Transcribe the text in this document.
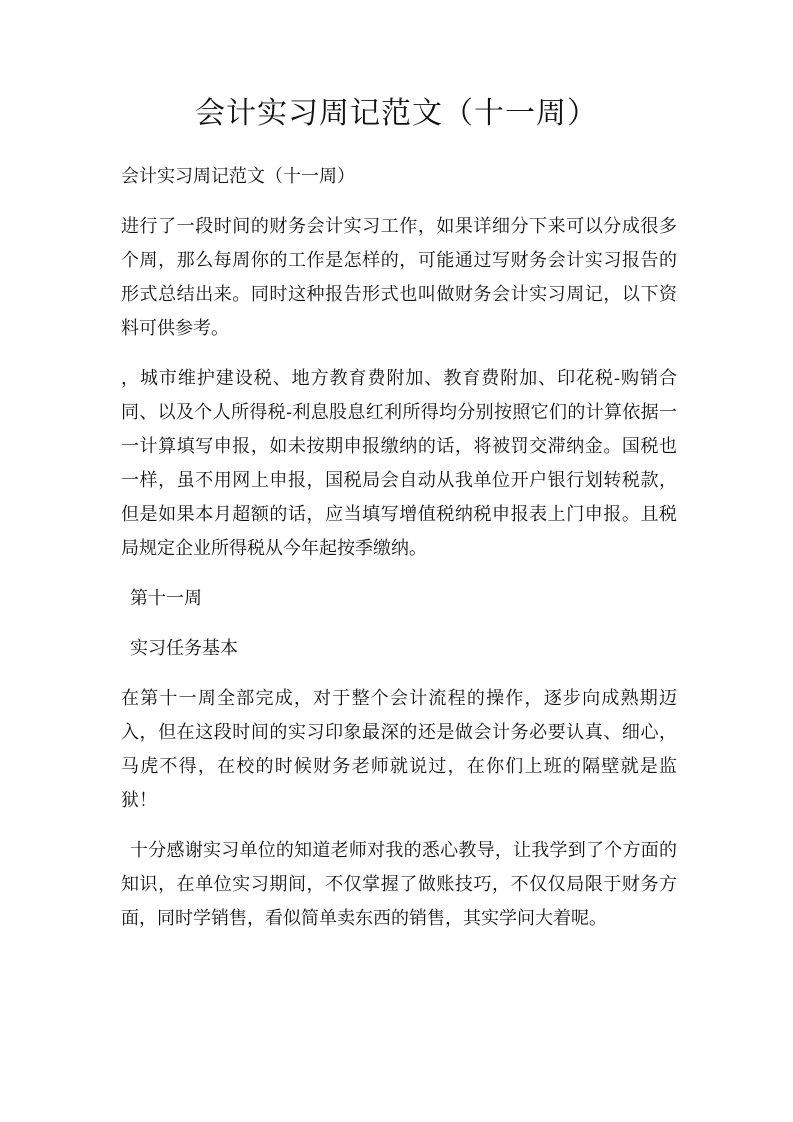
会计实习周记范文（十一周）

会计实习周记范文（十一周）

进行了一段时间的财务会计实习工作，如果详细分下来可以分成很多个周，那么每周你的工作是怎样的，可能通过写财务会计实习报告的形式总结出来。同时这种报告形式也叫做财务会计实习周记，以下资料可供参考。

，城市维护建设税、地方教育费附加、教育费附加、印花税-购销合同、以及个人所得税-利息股息红利所得均分别按照它们的计算依据一一计算填写申报，如未按期申报缴纳的话，将被罚交滞纳金。国税也一样，虽不用网上申报，国税局会自动从我单位开户银行划转税款，但是如果本月超额的话，应当填写增值税纳税申报表上门申报。且税局规定企业所得税从今年起按季缴纳。

第十一周

实习任务基本

在第十一周全部完成，对于整个会计流程的操作，逐步向成熟期迈入，但在这段时间的实习印象最深的还是做会计务必要认真、细心，马虎不得，在校的时候财务老师就说过，在你们上班的隔壁就是监狱！

十分感谢实习单位的知道老师对我的悉心教导，让我学到了个方面的知识，在单位实习期间，不仅掌握了做账技巧，不仅仅局限于财务方面，同时学销售，看似简单卖东西的销售，其实学问大着呢。
